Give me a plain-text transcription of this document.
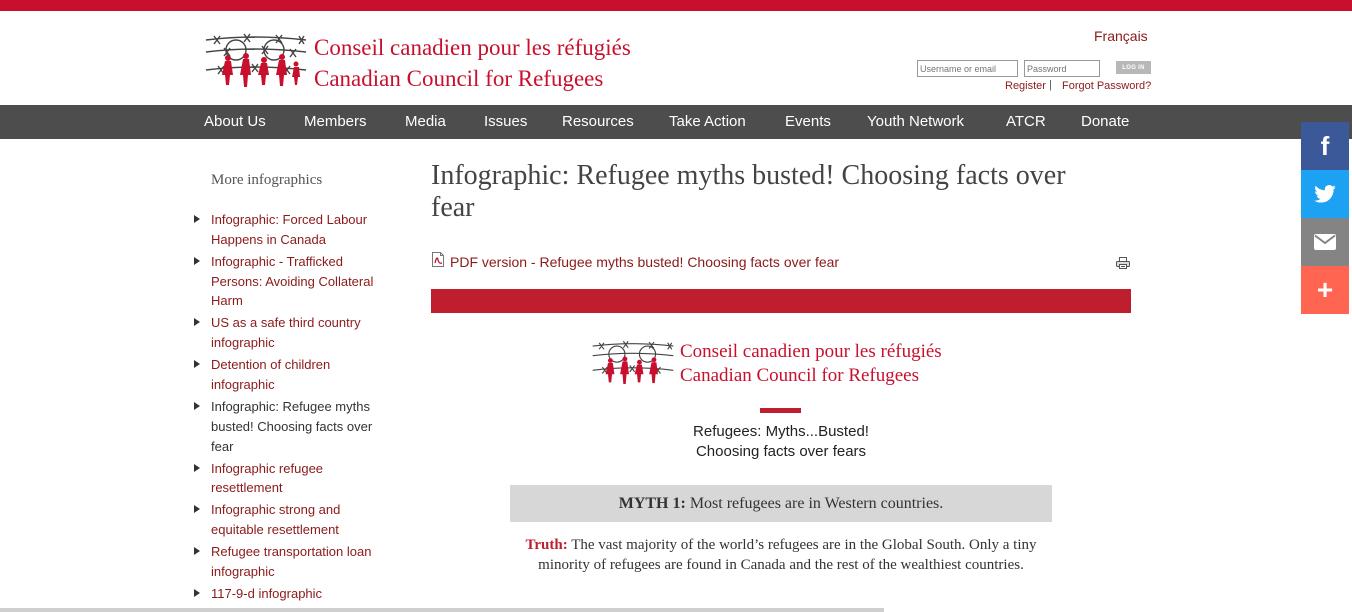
Conseil canadien pour les réfugiés
Canadian Council for Refugees
Français
Username or email
LOG IN
Register | Forgot Password?
About Us	Members	Media	Issues Resources Take Action	Events Youth Network	ATCR Donate
More infographics
Infographic: Forced Labour Happens in Canada
Infographic - Trafficked Persons: Avoiding Collateral Harm
US as a safe third country infographic
Detention of children infographic
Infographic: Refugee myths busted! Choosing facts over fear
Infographic refugee resettlement
Infographic strong and equitable resettlement
Refugee transportation loan infographic
117-9-d infographic
Infographic: Refugee myths busted! Choosing facts over fear
PDF version - Refugee myths busted! Choosing facts over fear
Conseil canadien pour les réfugiés
Canadian Council for Refugees
Refugees: Myths...Busted!
Choosing facts over fears
MYTH 1: Most refugees are in Western countries.
Truth: The vast majority of the world’s refugees are in the Global South. Only a tiny minority of refugees are found in Canada and the rest of the wealthiest countries.
f
+
